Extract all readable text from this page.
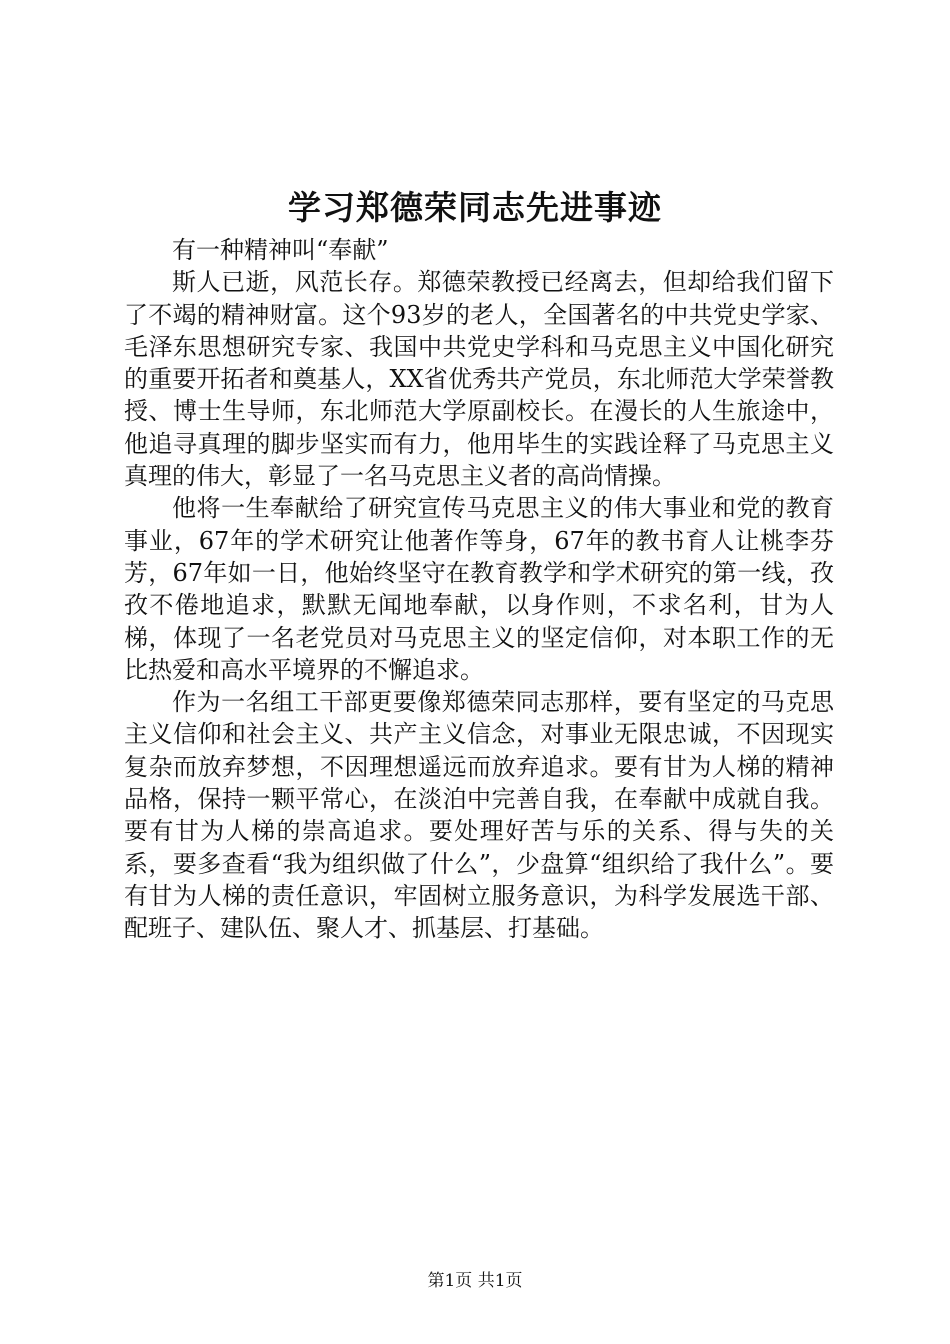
学习郑德荣同志先进事迹

有一种精神叫“奉献”

斯人已逝，风范长存。郑德荣教授已经离去，但却给我们留下了不竭的精神财富。这个93岁的老人，全国著名的中共党史学家、毛泽东思想研究专家、我国中共党史学科和马克思主义中国化研究的重要开拓者和奠基人，XX省优秀共产党员，东北师范大学荣誉教授、博士生导师，东北师范大学原副校长。在漫长的人生旅途中，他追寻真理的脚步坚实而有力，他用毕生的实践诠释了马克思主义真理的伟大，彰显了一名马克思主义者的高尚情操。

他将一生奉献给了研究宣传马克思主义的伟大事业和党的教育事业，67年的学术研究让他著作等身，67年的教书育人让桃李芬芳，67年如一日，他始终坚守在教育教学和学术研究的第一线，孜孜不倦地追求，默默无闻地奉献，以身作则，不求名利，甘为人梯，体现了一名老党员对马克思主义的坚定信仰，对本职工作的无比热爱和高水平境界的不懈追求。

作为一名组工干部更要像郑德荣同志那样，要有坚定的马克思主义信仰和社会主义、共产主义信念，对事业无限忠诚，不因现实复杂而放弃梦想，不因理想遥远而放弃追求。要有甘为人梯的精神品格，保持一颗平常心，在淡泊中完善自我，在奉献中成就自我。要有甘为人梯的崇高追求。要处理好苦与乐的关系、得与失的关系，要多查看“我为组织做了什么”，少盘算“组织给了我什么”。要有甘为人梯的责任意识，牢固树立服务意识，为科学发展选干部、配班子、建队伍、聚人才、抓基层、打基础。

第1页 共1页
